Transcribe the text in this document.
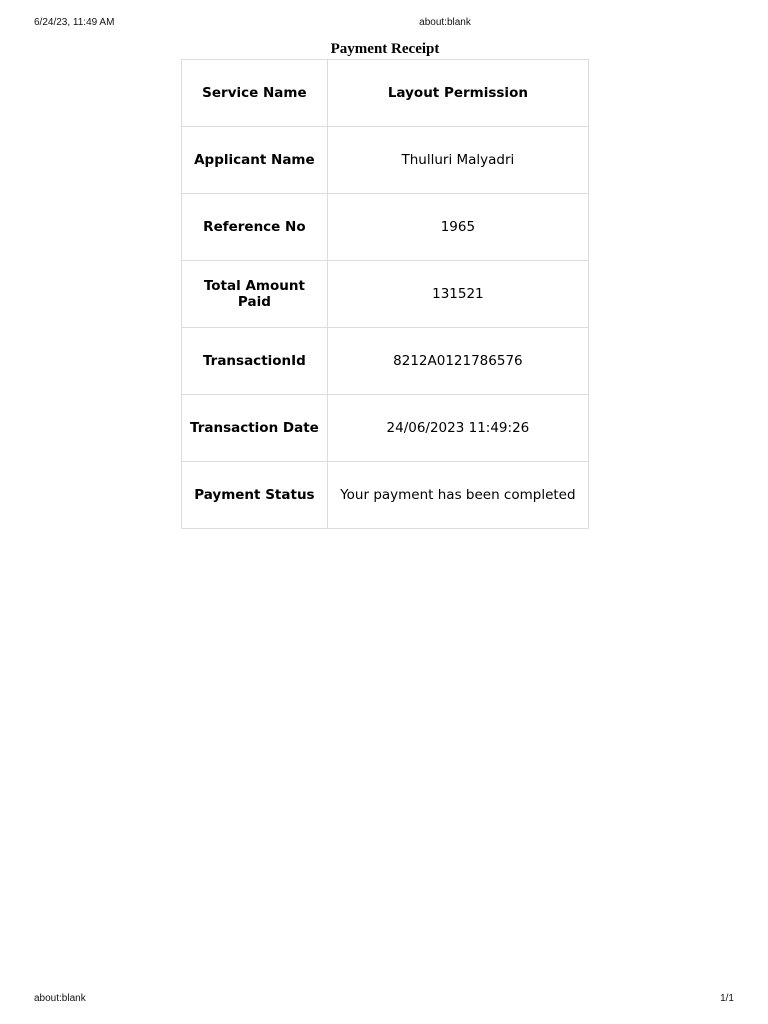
6/24/23, 11:49 AM	about:blank
Payment Receipt
Service Name	Layout Permission
Applicant Name	Thulluri Malyadri
Reference No	1965
Total Amount Paid	131521
TransactionId	8212A0121786576
Transaction Date	24/06/2023 11:49:26
Payment Status	Your payment has been completed
about:blank	1/1
